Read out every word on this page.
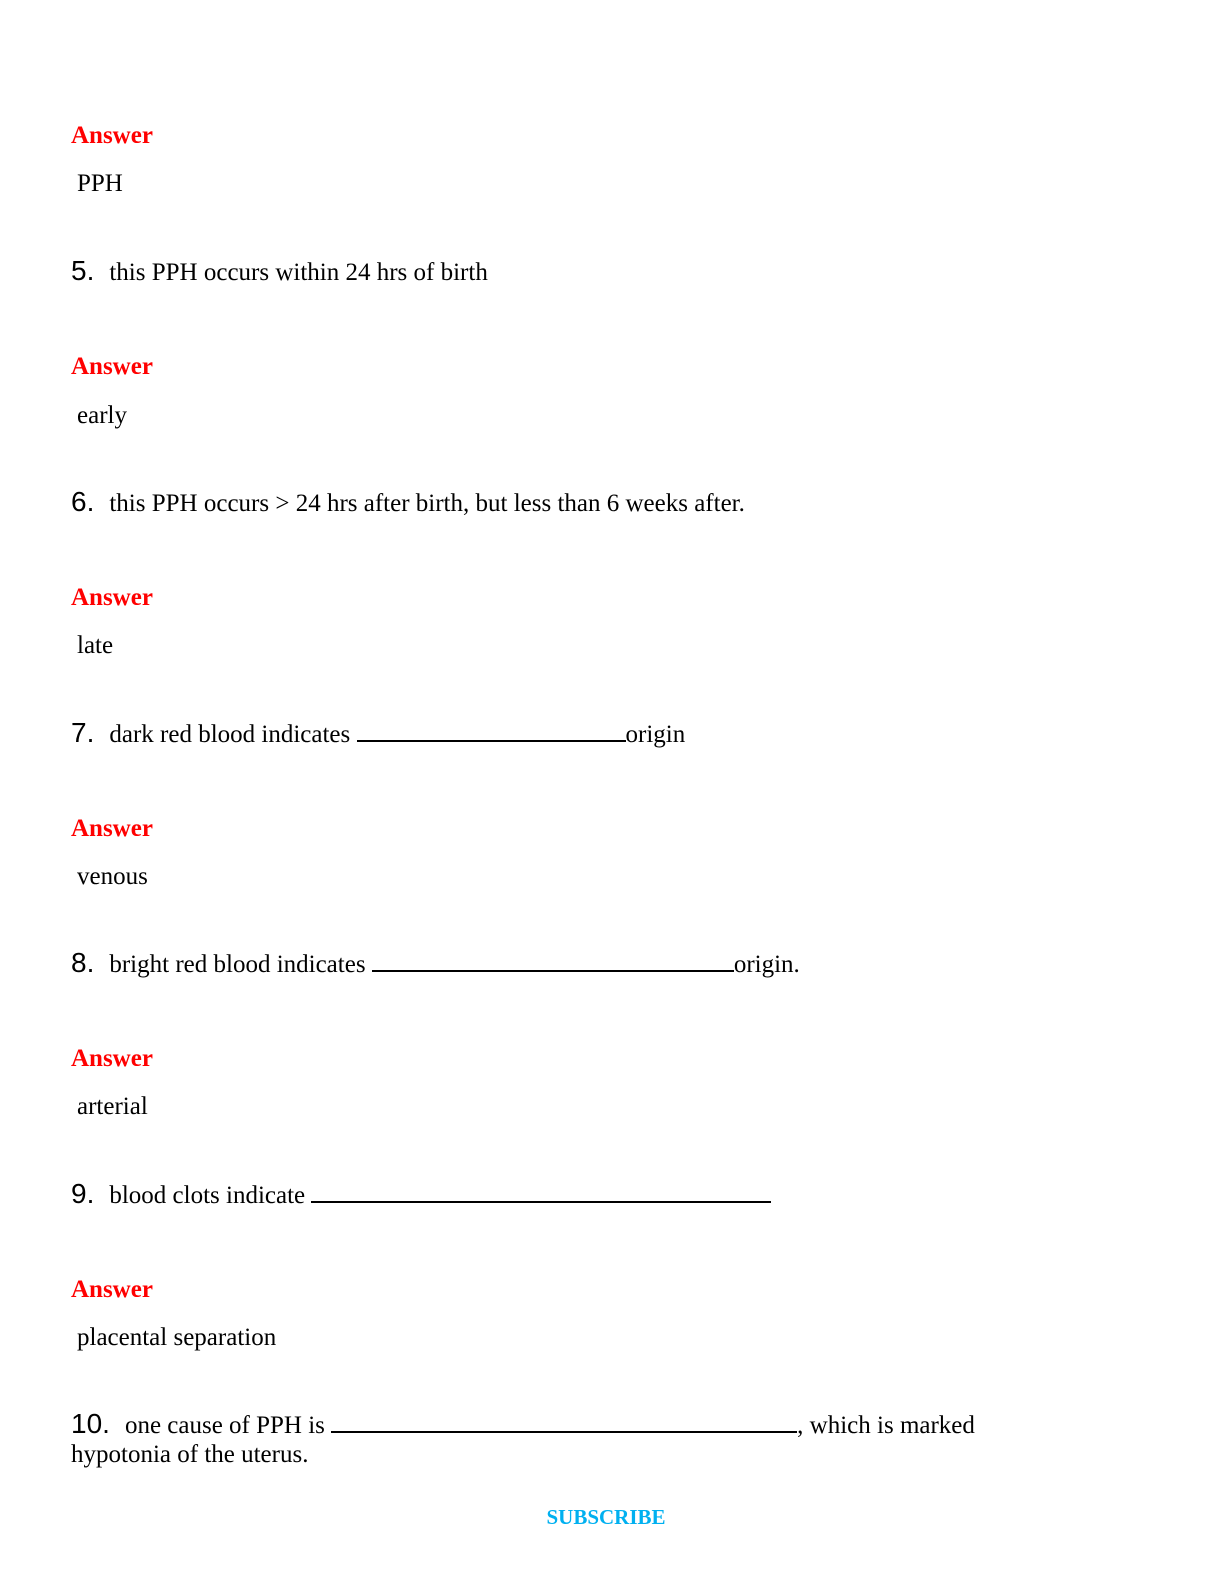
Answer
PPH
5. this PPH occurs within 24 hrs of birth
Answer
early
6. this PPH occurs > 24 hrs after birth, but less than 6 weeks after.
Answer
late
7. dark red blood indicates	origin
Answer
venous
8. bright red blood indicates	origin.
Answer
arterial
9. blood clots indicate
Answer
placental separation
10. one cause of PPH is	, which is marked
hypotonia of the uterus.
SUBSCRIBE
